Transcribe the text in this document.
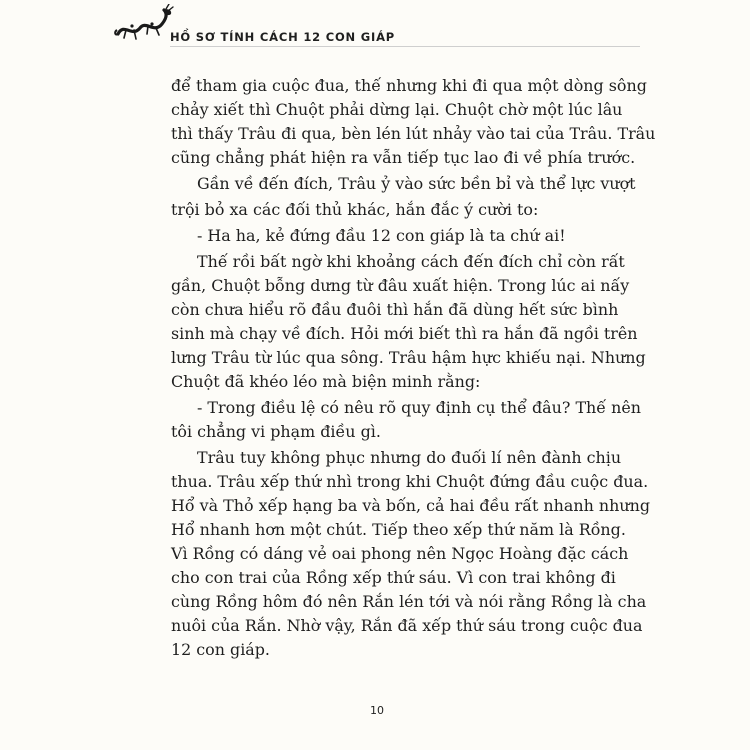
HỒ SƠ TÍNH CÁCH 12 CON GIÁP
để tham gia cuộc đua, thế nhưng khi đi qua một dòng sông
chảy xiết thì Chuột phải dừng lại. Chuột chờ một lúc lâu
thì thấy Trâu đi qua, bèn lén lút nhảy vào tai của Trâu. Trâu
cũng chẳng phát hiện ra vẫn tiếp tục lao đi về phía trước.
Gần về đến đích, Trâu ỷ vào sức bền bỉ và thể lực vượt
trội bỏ xa các đối thủ khác, hắn đắc ý cười to:
- Ha ha, kẻ đứng đầu 12 con giáp là ta chứ ai!
Thế rồi bất ngờ khi khoảng cách đến đích chỉ còn rất
gần, Chuột bỗng dưng từ đâu xuất hiện. Trong lúc ai nấy
còn chưa hiểu rõ đầu đuôi thì hắn đã dùng hết sức bình
sinh mà chạy về đích. Hỏi mới biết thì ra hắn đã ngồi trên
lưng Trâu từ lúc qua sông. Trâu hậm hực khiếu nại. Nhưng
Chuột đã khéo léo mà biện minh rằng:
- Trong điều lệ có nêu rõ quy định cụ thể đâu? Thế nên
tôi chẳng vi phạm điều gì.
Trâu tuy không phục nhưng do đuối lí nên đành chịu
thua. Trâu xếp thứ nhì trong khi Chuột đứng đầu cuộc đua.
Hổ và Thỏ xếp hạng ba và bốn, cả hai đều rất nhanh nhưng
Hổ nhanh hơn một chút. Tiếp theo xếp thứ năm là Rồng.
Vì Rồng có dáng vẻ oai phong nên Ngọc Hoàng đặc cách
cho con trai của Rồng xếp thứ sáu. Vì con trai không đi
cùng Rồng hôm đó nên Rắn lén tới và nói rằng Rồng là cha
nuôi của Rắn. Nhờ vậy, Rắn đã xếp thứ sáu trong cuộc đua
12 con giáp.
10
